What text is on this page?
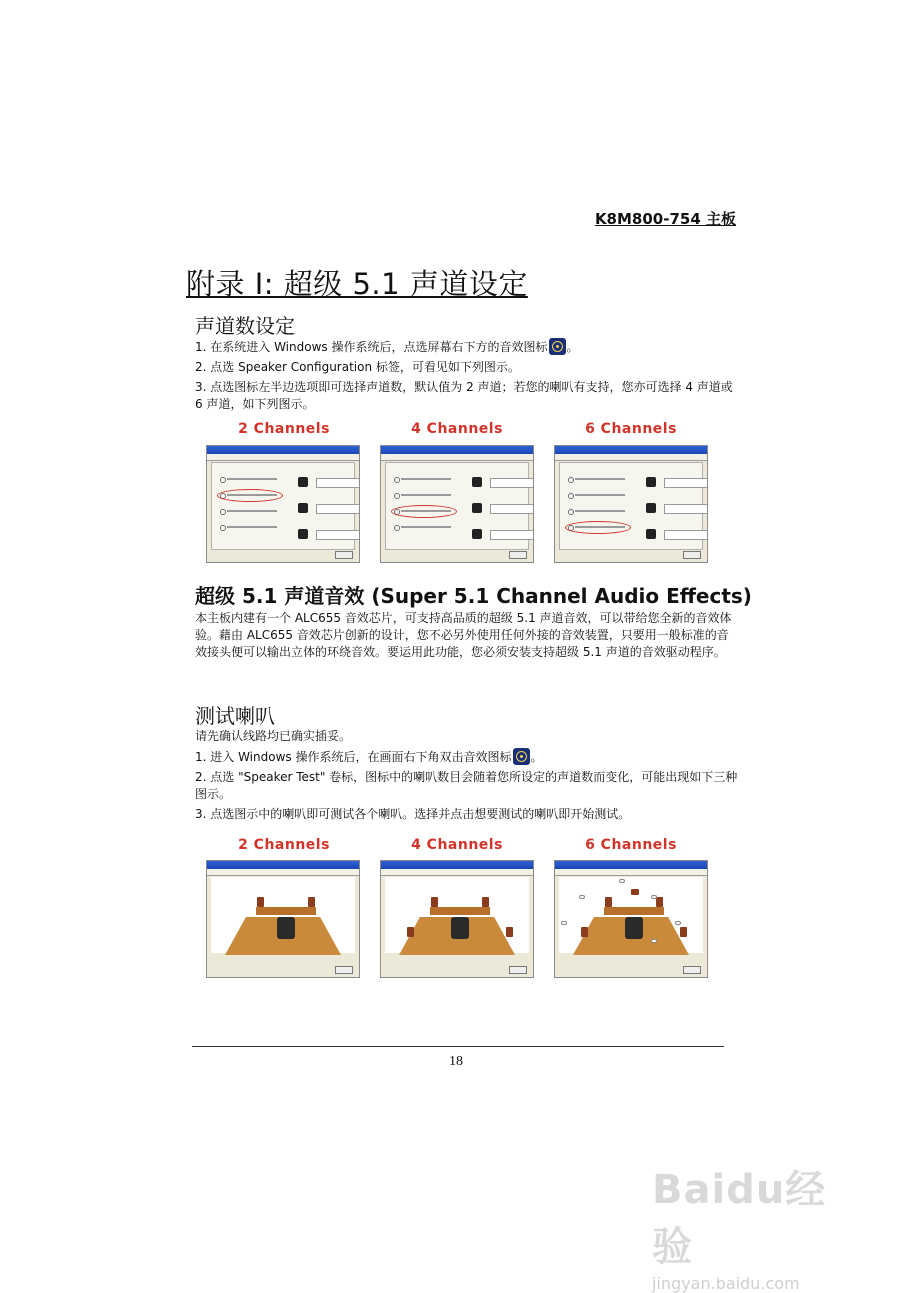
K8M800-754 主板
附录 I: 超级 5.1 声道设定
声道数设定

1. 在系统进入 Windows 操作系统后，点选屏幕右下方的音效图标 。

2. 点选 Speaker Configuration 标签，可看见如下列图示。

3. 点选图标左半边选项即可选择声道数，默认值为 2 声道；若您的喇叭有支持，您亦可选择 4 声道或 6 声道，如下列图示。

2 Channels	4 Channels	6 Channels
超级 5.1 声道音效 (Super 5.1 Channel Audio Effects)
本主板内建有一个 ALC655 音效芯片，可支持高品质的超级 5.1 声道音效，可以带给您全新的音效体验。藉由 ALC655 音效芯片创新的设计，您不必另外使用任何外接的音效装置，只要用一般标准的音效接头便可以输出立体的环绕音效。要运用此功能，您必须安装支持超级 5.1 声道的音效驱动程序。
测试喇叭

请先确认线路均已确实插妥。

1. 进入 Windows 操作系统后，在画面右下角双击音效图标 。

2. 点选 "Speaker Test" 卷标，图标中的喇叭数目会随着您所设定的声道数而变化，可能出现如下三种图示。

3. 点选图示中的喇叭即可测试各个喇叭。选择并点击想要测试的喇叭即开始测试。

2 Channels	4 Channels	6 Channels
18
Baidu经验
jingyan.baidu.com
